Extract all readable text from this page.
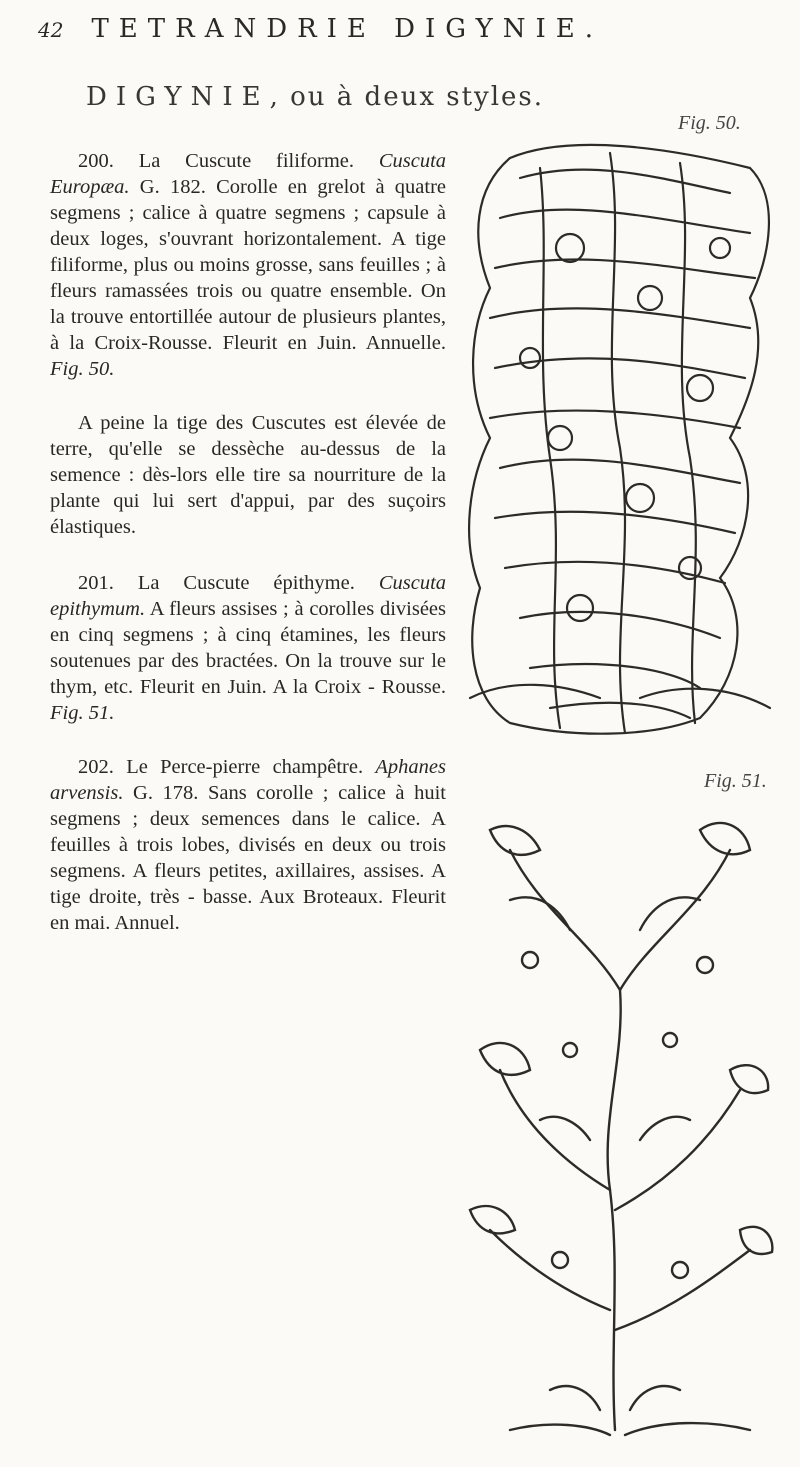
42 TETRANDRIE DIGYNIE.
DIGYNIE, ou à deux styles.

200. La Cuscute filiforme. Cuscuta Europæa. G. 182. Corolle en grelot à quatre segmens ; calice à quatre segmens ; capsule à deux loges, s'ouvrant horizontalement. A tige filiforme, plus ou moins grosse, sans feuilles ; à fleurs ramassées trois ou quatre ensemble. On la trouve entortillée autour de plusieurs plantes, à la Croix-Rousse. Fleurit en Juin. Annuelle. Fig. 50.

A peine la tige des Cuscutes est élevée de terre, qu'elle se dessèche au-dessus de la semence : dès-lors elle tire sa nourriture de la plante qui lui sert d'appui, par des suçoirs élastiques.

201. La Cuscute épithyme. Cuscuta epithymum. A fleurs assises ; à corolles divisées en cinq segmens ; à cinq étamines, les fleurs soutenues par des bractées. On la trouve sur le thym, etc. Fleurit en Juin. A la Croix - Rousse. Fig. 51.

202. Le Perce-pierre champêtre. Aphanes arvensis. G. 178. Sans corolle ; calice à huit segmens ; deux semences dans le calice. A feuilles à trois lobes, divisés en deux ou trois segmens. A fleurs petites, axillaires, assises. A tige droite, très - basse. Aux Broteaux. Fleurit en mai. Annuel.

Fig. 50.
Fig. 51.
